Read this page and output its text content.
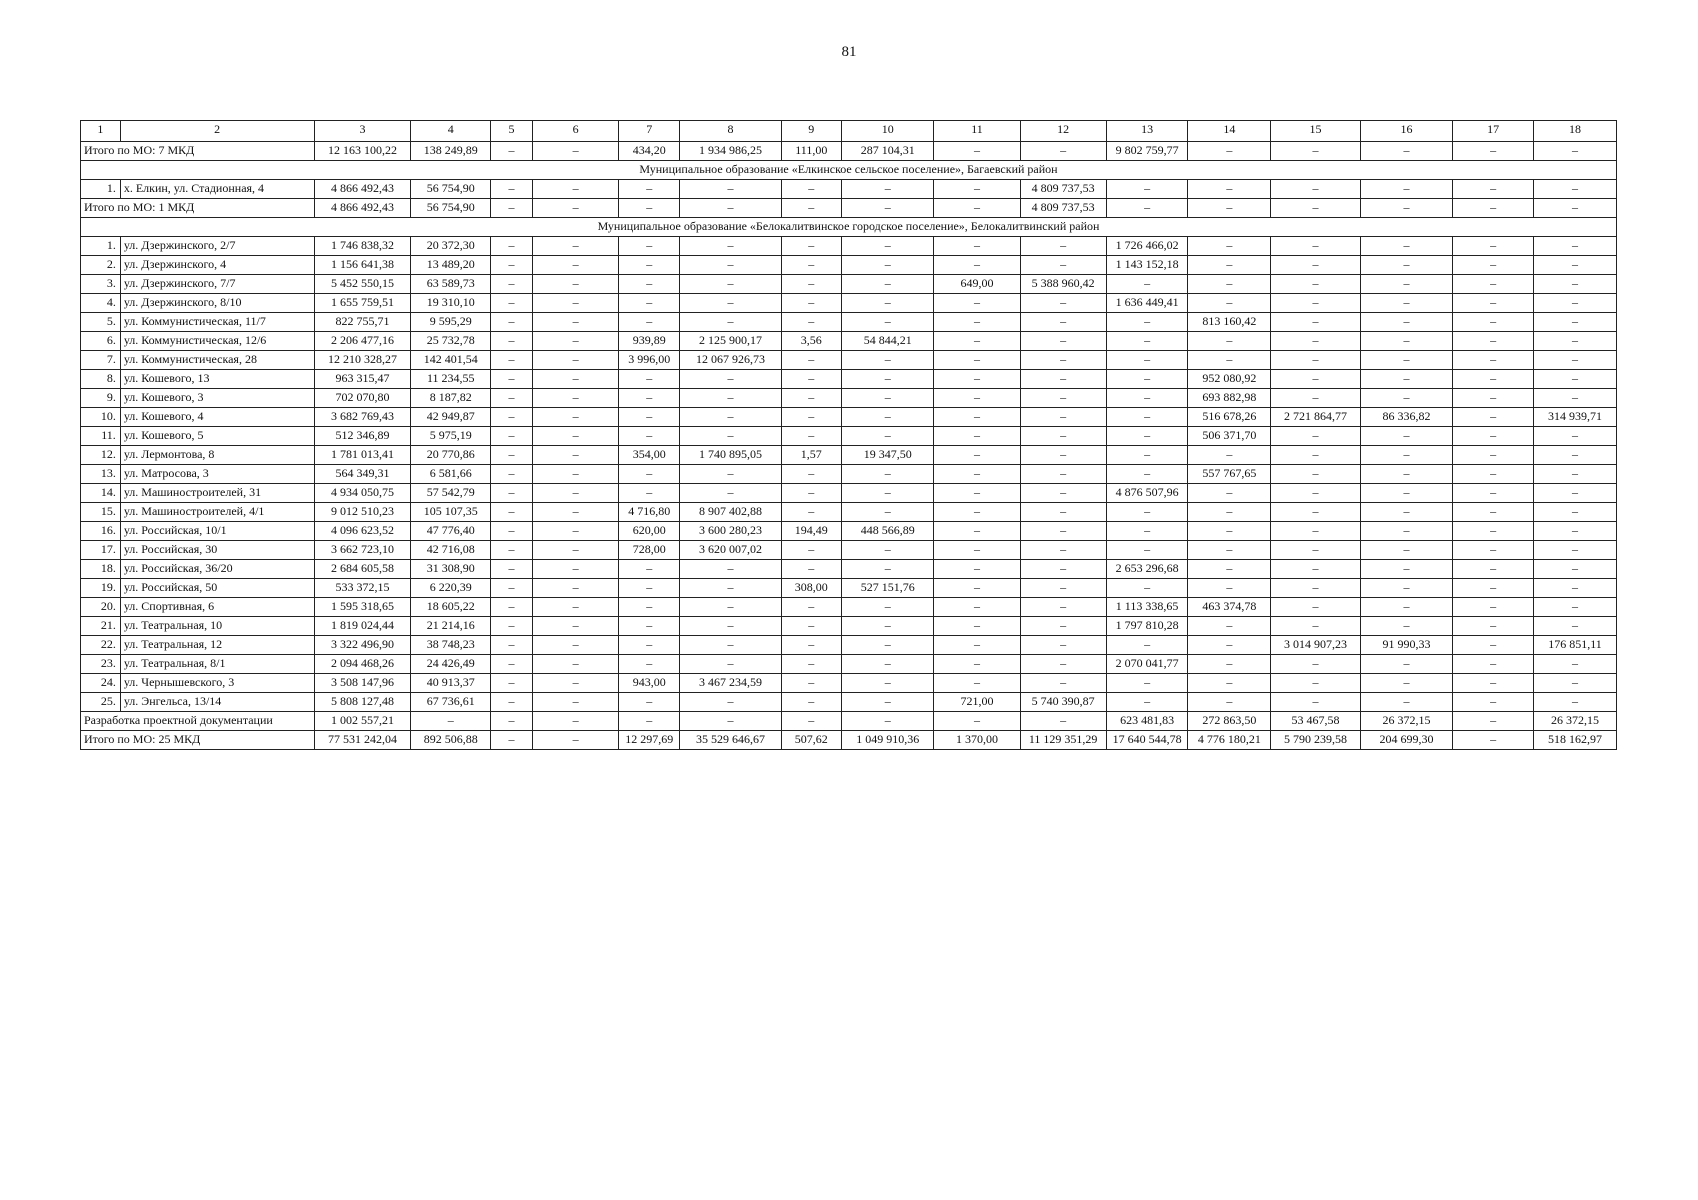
81
1	2	3	4	5	6	7	8	9	10	11	12	13	14	15	16	17	18
Итого по МО: 7 МКД		12 163 100,22	138 249,89	–	–	434,20	1 934 986,25	111,00	287 104,31	–	–	9 802 759,77	–	–	–	–	–
Муниципальное образование «Елкинское сельское поселение», Багаевский район																	
1.	х. Елкин, ул. Стадионная, 4	4 866 492,43	56 754,90	–	–	–	–	–	–	–	4 809 737,53	–	–	–	–	–	–
Итого по МО: 1 МКД		4 866 492,43	56 754,90	–	–	–	–	–	–	–	4 809 737,53	–	–	–	–	–	–
Муниципальное образование «Белокалитвинское городское поселение», Белокалитвинский район																	
1.	ул. Дзержинского, 2/7	1 746 838,32	20 372,30	–	–	–	–	–	–	–	–	1 726 466,02	–	–	–	–	–
2.	ул. Дзержинского, 4	1 156 641,38	13 489,20	–	–	–	–	–	–	–	–	1 143 152,18	–	–	–	–	–
3.	ул. Дзержинского, 7/7	5 452 550,15	63 589,73	–	–	–	–	–	–	649,00	5 388 960,42	–	–	–	–	–	–
4.	ул. Дзержинского, 8/10	1 655 759,51	19 310,10	–	–	–	–	–	–	–	–	1 636 449,41	–	–	–	–	–
5.	ул. Коммунистическая, 11/7	822 755,71	9 595,29	–	–	–	–	–	–	–	–	–	813 160,42	–	–	–	–
6.	ул. Коммунистическая, 12/6	2 206 477,16	25 732,78	–	–	939,89	2 125 900,17	3,56	54 844,21	–	–	–	–	–	–	–	–
7.	ул. Коммунистическая, 28	12 210 328,27	142 401,54	–	–	3 996,00	12 067 926,73	–	–	–	–	–	–	–	–	–	–
8.	ул. Кошевого, 13	963 315,47	11 234,55	–	–	–	–	–	–	–	–	–	952 080,92	–	–	–	–
9.	ул. Кошевого, 3	702 070,80	8 187,82	–	–	–	–	–	–	–	–	–	693 882,98	–	–	–	–
10.	ул. Кошевого, 4	3 682 769,43	42 949,87	–	–	–	–	–	–	–	–	–	516 678,26	2 721 864,77	86 336,82	–	314 939,71
11.	ул. Кошевого, 5	512 346,89	5 975,19	–	–	–	–	–	–	–	–	–	506 371,70	–	–	–	–
12.	ул. Лермонтова, 8	1 781 013,41	20 770,86	–	–	354,00	1 740 895,05	1,57	19 347,50	–	–	–	–	–	–	–	–
13.	ул. Матросова, 3	564 349,31	6 581,66	–	–	–	–	–	–	–	–	–	557 767,65	–	–	–	–
14.	ул. Машиностроителей, 31	4 934 050,75	57 542,79	–	–	–	–	–	–	–	–	4 876 507,96	–	–	–	–	–
15.	ул. Машиностроителей, 4/1	9 012 510,23	105 107,35	–	–	4 716,80	8 907 402,88	–	–	–	–	–	–	–	–	–	–
16.	ул. Российская, 10/1	4 096 623,52	47 776,40	–	–	620,00	3 600 280,23	194,49	448 566,89	–	–	–	–	–	–	–	–
17.	ул. Российская, 30	3 662 723,10	42 716,08	–	–	728,00	3 620 007,02	–	–	–	–	–	–	–	–	–	–
18.	ул. Российская, 36/20	2 684 605,58	31 308,90	–	–	–	–	–	–	–	–	2 653 296,68	–	–	–	–	–
19.	ул. Российская, 50	533 372,15	6 220,39	–	–	–	–	308,00	527 151,76	–	–	–	–	–	–	–	–
20.	ул. Спортивная, 6	1 595 318,65	18 605,22	–	–	–	–	–	–	–	–	1 113 338,65	463 374,78	–	–	–	–
21.	ул. Театральная, 10	1 819 024,44	21 214,16	–	–	–	–	–	–	–	–	1 797 810,28	–	–	–	–	–
22.	ул. Театральная, 12	3 322 496,90	38 748,23	–	–	–	–	–	–	–	–	–	–	3 014 907,23	91 990,33	–	176 851,11
23.	ул. Театральная, 8/1	2 094 468,26	24 426,49	–	–	–	–	–	–	–	–	2 070 041,77	–	–	–	–	–
24.	ул. Чернышевского, 3	3 508 147,96	40 913,37	–	–	943,00	3 467 234,59	–	–	–	–	–	–	–	–	–	–
25.	ул. Энгельса, 13/14	5 808 127,48	67 736,61	–	–	–	–	–	–	721,00	5 740 390,87	–	–	–	–	–	–
Разработка проектной документации		1 002 557,21	–	–	–	–	–	–	–	–	–	623 481,83	272 863,50	53 467,58	26 372,15	–	26 372,15
Итого по МО: 25 МКД		77 531 242,04	892 506,88	–	–	12 297,69	35 529 646,67	507,62	1 049 910,36	1 370,00	11 129 351,29	17 640 544,78	4 776 180,21	5 790 239,58	204 699,30	–	518 162,97
